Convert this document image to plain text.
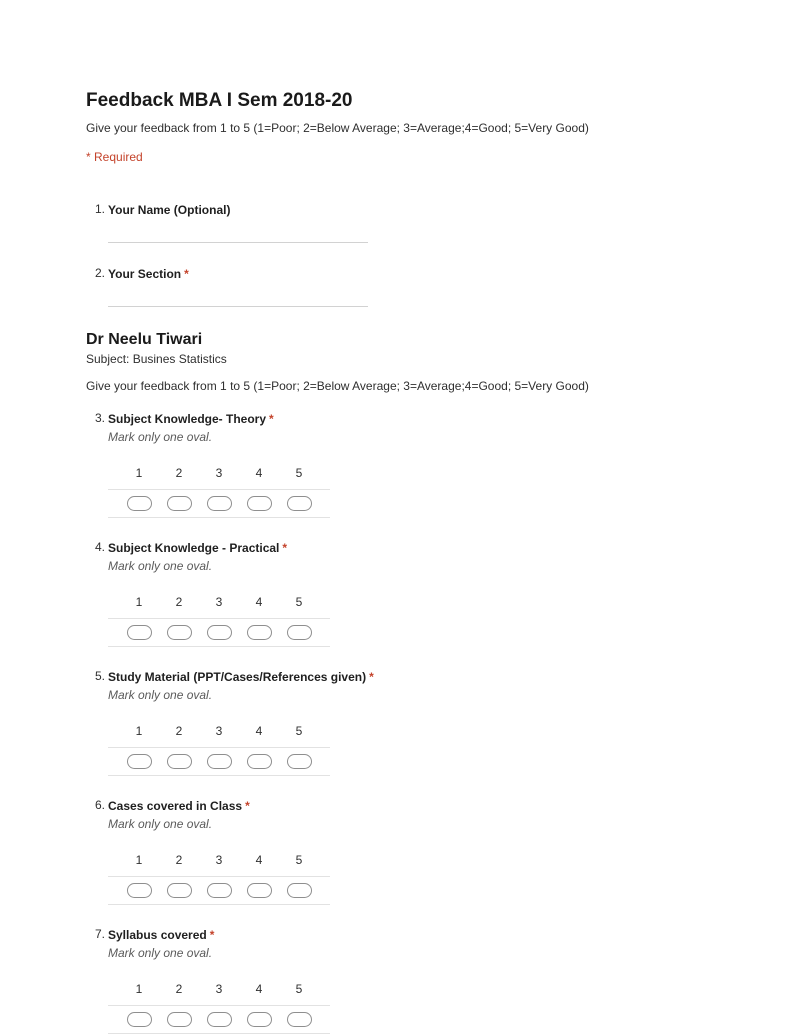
Feedback MBA I Sem 2018-20

Give your feedback from 1 to 5 (1=Poor; 2=Below Average; 3=Average;4=Good; 5=Very Good)

* Required

1. Your Name (Optional)
2. Your Section *
Dr Neelu Tiwari

Subject: Busines Statistics

Give your feedback from 1 to 5 (1=Poor; 2=Below Average; 3=Average;4=Good; 5=Very Good)

3. Subject Knowledge- Theory *
Mark only one oval.
1	2	3	4	5
4. Subject Knowledge - Practical *
Mark only one oval.
1	2	3	4	5
5. Study Material (PPT/Cases/References given) *
Mark only one oval.
1	2	3	4	5
6. Cases covered in Class *
Mark only one oval.
1	2	3	4	5
7. Syllabus covered *
Mark only one oval.
1	2	3	4	5
